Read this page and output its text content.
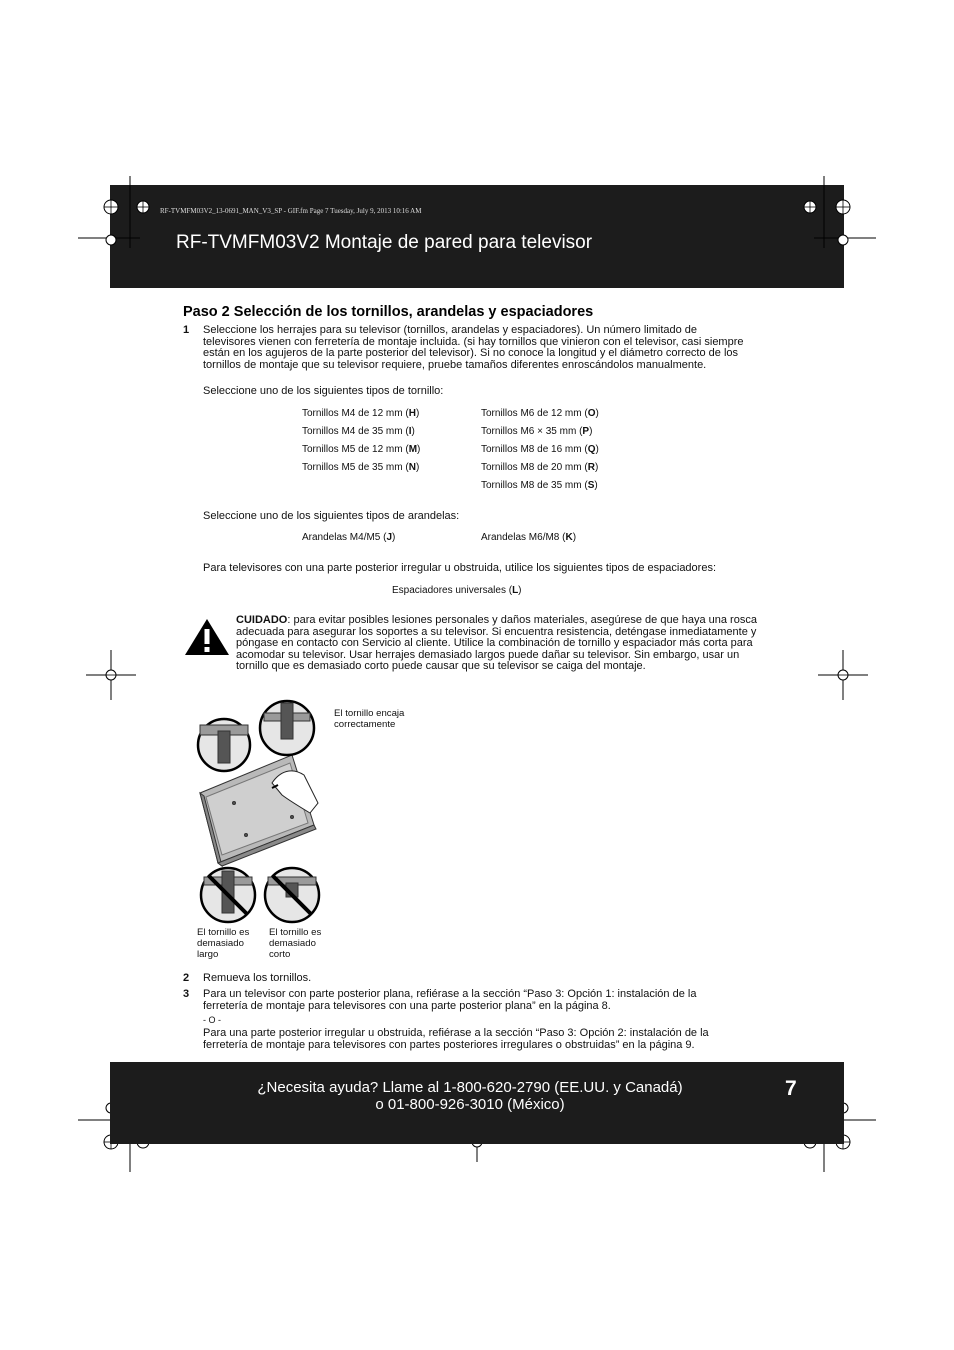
RF-TVMFM03V2_13-0691_MAN_V3_SP - GIF.fm Page 7 Tuesday, July 9, 2013 10:16 AM
RF-TVMFM03V2 Montaje de pared para televisor
Paso 2 Selección de los tornillos, arandelas y espaciadores
1 Seleccione los herrajes para su televisor (tornillos, arandelas y espaciadores). Un número limitado de televisores vienen con ferretería de montaje incluida. (si hay tornillos que vinieron con el televisor, casi siempre están en los agujeros de la parte posterior del televisor). Si no conoce la longitud y el diámetro correcto de los tornillos de montaje que su televisor requiere, pruebe tamaños diferentes enroscándolos manualmente.
Seleccione uno de los siguientes tipos de tornillo:
Tornillos M4 de 12 mm (H)
Tornillos M4 de 35 mm (I)
Tornillos M5 de 12 mm (M)
Tornillos M5 de 35 mm (N)
Tornillos M6 de 12 mm (O)
Tornillos M6 × 35 mm (P)
Tornillos M8 de 16 mm (Q)
Tornillos M8 de 20 mm (R)
Tornillos M8 de 35 mm (S)
Seleccione uno de los siguientes tipos de arandelas:
Arandelas M4/M5 (J)	Arandelas M6/M8 (K)
Para televisores con una parte posterior irregular u obstruida, utilice los siguientes tipos de espaciadores:
Espaciadores universales (L)
CUIDADO: para evitar posibles lesiones personales y daños materiales, asegúrese de que haya una rosca adecuada para asegurar los soportes a su televisor. Si encuentra resistencia, deténgase inmediatamente y póngase en contacto con Servicio al cliente. Utilice la combinación de tornillo y espaciador más corta para acomodar su televisor. Usar herrajes demasiado largos puede dañar su televisor. Sin embargo, usar un tornillo que es demasiado corto puede causar que su televisor se caiga del montaje.
El tornillo encaja correctamente
El tornillo es demasiado largo
El tornillo es demasiado corto
2 Remueva los tornillos.
3 Para un televisor con parte posterior plana, refiérase a la sección “Paso 3: Opción 1: instalación de la ferretería de montaje para televisores con una parte posterior plana” en la página 8.
- O -
Para una parte posterior irregular u obstruida, refiérase a la sección “Paso 3: Opción 2: instalación de la ferretería de montaje para televisores con partes posteriores irregulares o obstruidas” en la página 9.
¿Necesita ayuda? Llame al 1-800-620-2790 (EE.UU. y Canadá)
o 01-800-926-3010 (México)
7
